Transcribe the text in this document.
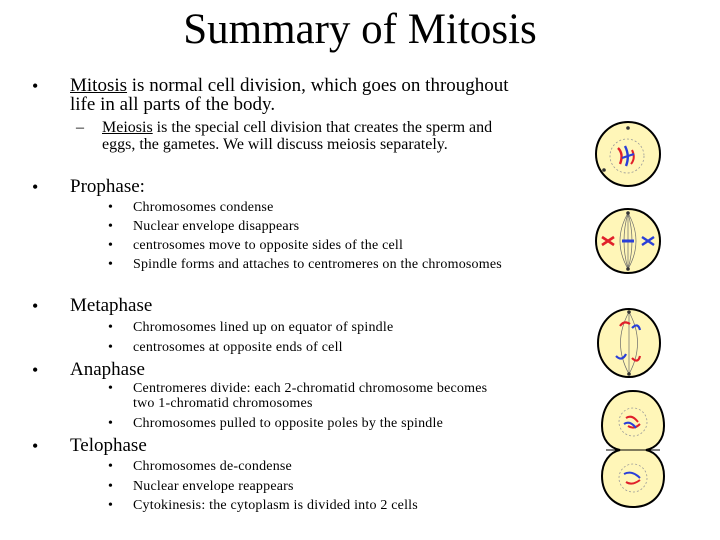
Summary of Mitosis
• Mitosis is normal cell division, which goes on throughout
life in all parts of the body.
– Meiosis is the special cell division that creates the sperm and
eggs, the gametes. We will discuss meiosis separately.
• Prophase:
• Chromosomes condense
• Nuclear envelope disappears
• centrosomes move to opposite sides of the cell
• Spindle forms and attaches to centromeres on the chromosomes
• Metaphase
• Chromosomes lined up on equator of spindle
• centrosomes at opposite ends of cell
• Anaphase
• Centromeres divide: each 2-chromatid chromosome becomes
two 1-chromatid chromosomes
• Chromosomes pulled to opposite poles by the spindle
• Telophase
• Chromosomes de-condense
• Nuclear envelope reappears
• Cytokinesis: the cytoplasm is divided into 2 cells
